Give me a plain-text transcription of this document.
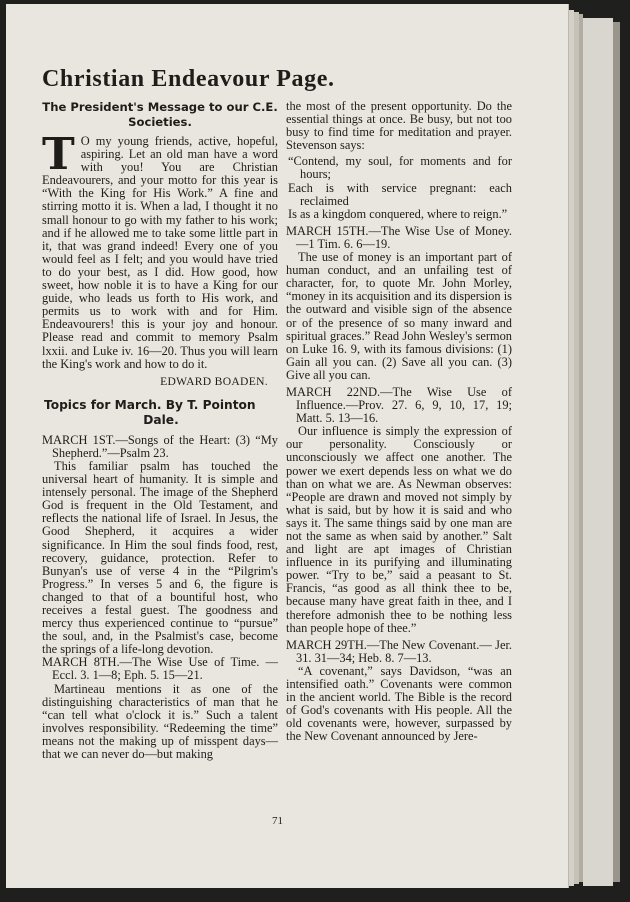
Christian Endeavour Page.

The President's Message to our C.E. Societies.

T O my young friends, active, hopeful, aspiring. Let an old man have a word with you! You are Christian Endeavourers, and your motto for this year is “With the King for His Work.” A fine and stirring motto it is. When a lad, I thought it no small honour to go with my father to his work; and if he allowed me to take some little part in it, that was grand indeed! Every one of you would feel as I felt; and you would have tried to do your best, as I did. How good, how sweet, how noble it is to have a King for our guide, who leads us forth to His work, and permits us to work with and for Him. Endeavourers! this is your joy and honour. Please read and commit to memory Psalm lxxii. and Luke iv. 16—20. Thus you will learn the King's work and how to do it.

EDWARD BOADEN.

Topics for March. By T. Pointon
Dale.

MARCH 1ST.—Songs of the Heart: (3) “My Shepherd.”—Psalm 23.

This familiar psalm has touched the universal heart of humanity. It is simple and intensely personal. The image of the Shepherd God is frequent in the Old Testament, and reflects the national life of Israel. In Jesus, the Good Shepherd, it acquires a wider significance. In Him the soul finds food, rest, recovery, guidance, protection. Refer to Bunyan's use of verse 4 in the “Pilgrim's Progress.” In verses 5 and 6, the figure is changed to that of a bountiful host, who receives a festal guest. The goodness and mercy thus experienced continue to “pursue” the soul, and, in the Psalmist's case, become the springs of a life-long devotion.

MARCH 8TH.—The Wise Use of Time. —Eccl. 3. 1—8; Eph. 5. 15—21.

Martineau mentions it as one of the distinguishing characteristics of man that he “can tell what o'clock it is.” Such a talent involves responsibility. “Redeeming the time” means not the making up of misspent days—that we can never do—but making

the most of the present opportunity. Do the essential things at once. Be busy, but not too busy to find time for meditation and prayer. Stevenson says:

“Contend, my soul, for moments and for hours;

Each is with service pregnant: each reclaimed

Is as a kingdom conquered, where to reign.”

MARCH 15TH.—The Wise Use of Money.—1 Tim. 6. 6—19.

The use of money is an important part of human conduct, and an unfailing test of character, for, to quote Mr. John Morley, “money in its acquisition and its dispersion is the outward and visible sign of the absence or of the presence of so many inward and spiritual graces.” Read John Wesley's sermon on Luke 16. 9, with its famous divisions: (1) Gain all you can. (2) Save all you can. (3) Give all you can.

MARCH 22ND.—The Wise Use of Influence.—Prov. 27. 6, 9, 10, 17, 19; Matt. 5. 13—16.

Our influence is simply the expression of our personality. Consciously or unconsciously we affect one another. The power we exert depends less on what we do than on what we are. As Newman observes: “People are drawn and moved not simply by what is said, but by how it is said and who says it. The same things said by one man are not the same as when said by another.” Salt and light are apt images of Christian influence in its purifying and illuminating power. “Try to be,” said a peasant to St. Francis, “as good as all think thee to be, because many have great faith in thee, and I therefore admonish thee to be nothing less than people hope of thee.”

MARCH 29TH.—The New Covenant.— Jer. 31. 31—34; Heb. 8. 7—13.

“A covenant,” says Davidson, “was an intensified oath.” Covenants were common in the ancient world. The Bible is the record of God's covenants with His people. All the old covenants were, however, surpassed by the New Covenant announced by Jere-

71
